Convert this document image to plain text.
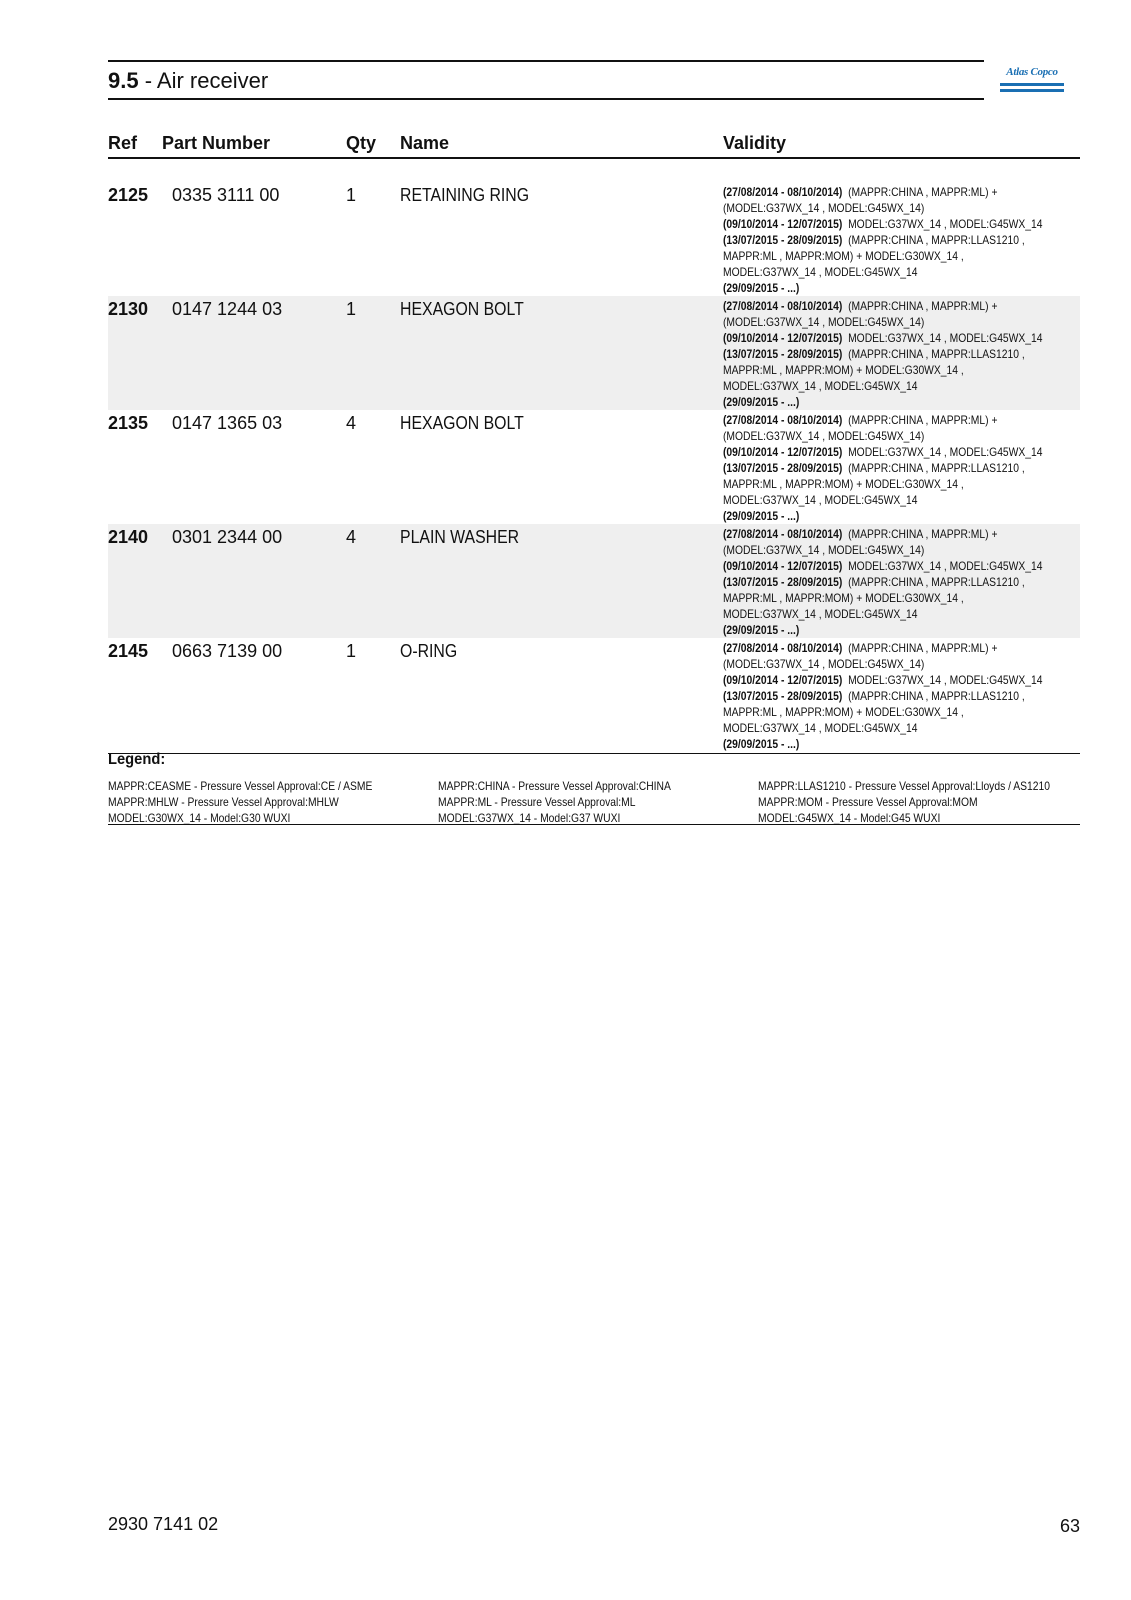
9.5 - Air receiver	Atlas Copco
Ref Part Number	Qty Name	Validity
2125 0335 3111 00	1 RETAINING RING	(27/08/2014 - 08/10/2014)  (MAPPR:CHINA , MAPPR:ML) +
(MODEL:G37WX_14 , MODEL:G45WX_14)
(09/10/2014 - 12/07/2015)  MODEL:G37WX_14 , MODEL:G45WX_14
(13/07/2015 - 28/09/2015)  (MAPPR:CHINA , MAPPR:LLAS1210 ,
MAPPR:ML , MAPPR:MOM) + MODEL:G30WX_14 ,
MODEL:G37WX_14 , MODEL:G45WX_14
(29/09/2015 - ...)
2130 0147 1244 03	1 HEXAGON BOLT	(27/08/2014 - 08/10/2014)  (MAPPR:CHINA , MAPPR:ML) +
(MODEL:G37WX_14 , MODEL:G45WX_14)
(09/10/2014 - 12/07/2015)  MODEL:G37WX_14 , MODEL:G45WX_14
(13/07/2015 - 28/09/2015)  (MAPPR:CHINA , MAPPR:LLAS1210 ,
MAPPR:ML , MAPPR:MOM) + MODEL:G30WX_14 ,
MODEL:G37WX_14 , MODEL:G45WX_14
(29/09/2015 - ...)
2135 0147 1365 03	4 HEXAGON BOLT	(27/08/2014 - 08/10/2014)  (MAPPR:CHINA , MAPPR:ML) +
(MODEL:G37WX_14 , MODEL:G45WX_14)
(09/10/2014 - 12/07/2015)  MODEL:G37WX_14 , MODEL:G45WX_14
(13/07/2015 - 28/09/2015)  (MAPPR:CHINA , MAPPR:LLAS1210 ,
MAPPR:ML , MAPPR:MOM) + MODEL:G30WX_14 ,
MODEL:G37WX_14 , MODEL:G45WX_14
(29/09/2015 - ...)
2140 0301 2344 00	4 PLAIN WASHER	(27/08/2014 - 08/10/2014)  (MAPPR:CHINA , MAPPR:ML) +
(MODEL:G37WX_14 , MODEL:G45WX_14)
(09/10/2014 - 12/07/2015)  MODEL:G37WX_14 , MODEL:G45WX_14
(13/07/2015 - 28/09/2015)  (MAPPR:CHINA , MAPPR:LLAS1210 ,
MAPPR:ML , MAPPR:MOM) + MODEL:G30WX_14 ,
MODEL:G37WX_14 , MODEL:G45WX_14
(29/09/2015 - ...)
2145 0663 7139 00	1 O-RING	(27/08/2014 - 08/10/2014)  (MAPPR:CHINA , MAPPR:ML) +
(MODEL:G37WX_14 , MODEL:G45WX_14)
(09/10/2014 - 12/07/2015)  MODEL:G37WX_14 , MODEL:G45WX_14
(13/07/2015 - 28/09/2015)  (MAPPR:CHINA , MAPPR:LLAS1210 ,
MAPPR:ML , MAPPR:MOM) + MODEL:G30WX_14 ,
MODEL:G37WX_14 , MODEL:G45WX_14
(29/09/2015 - ...)
Legend:
MAPPR:CEASME - Pressure Vessel Approval:CE / ASME
MAPPR:MHLW - Pressure Vessel Approval:MHLW
MODEL:G30WX_14 - Model:G30 WUXI
MAPPR:CHINA - Pressure Vessel Approval:CHINA
MAPPR:ML - Pressure Vessel Approval:ML
MODEL:G37WX_14 - Model:G37 WUXI
MAPPR:LLAS1210 - Pressure Vessel Approval:Lloyds / AS1210
MAPPR:MOM - Pressure Vessel Approval:MOM
MODEL:G45WX_14 - Model:G45 WUXI
2930 7141 02	63
